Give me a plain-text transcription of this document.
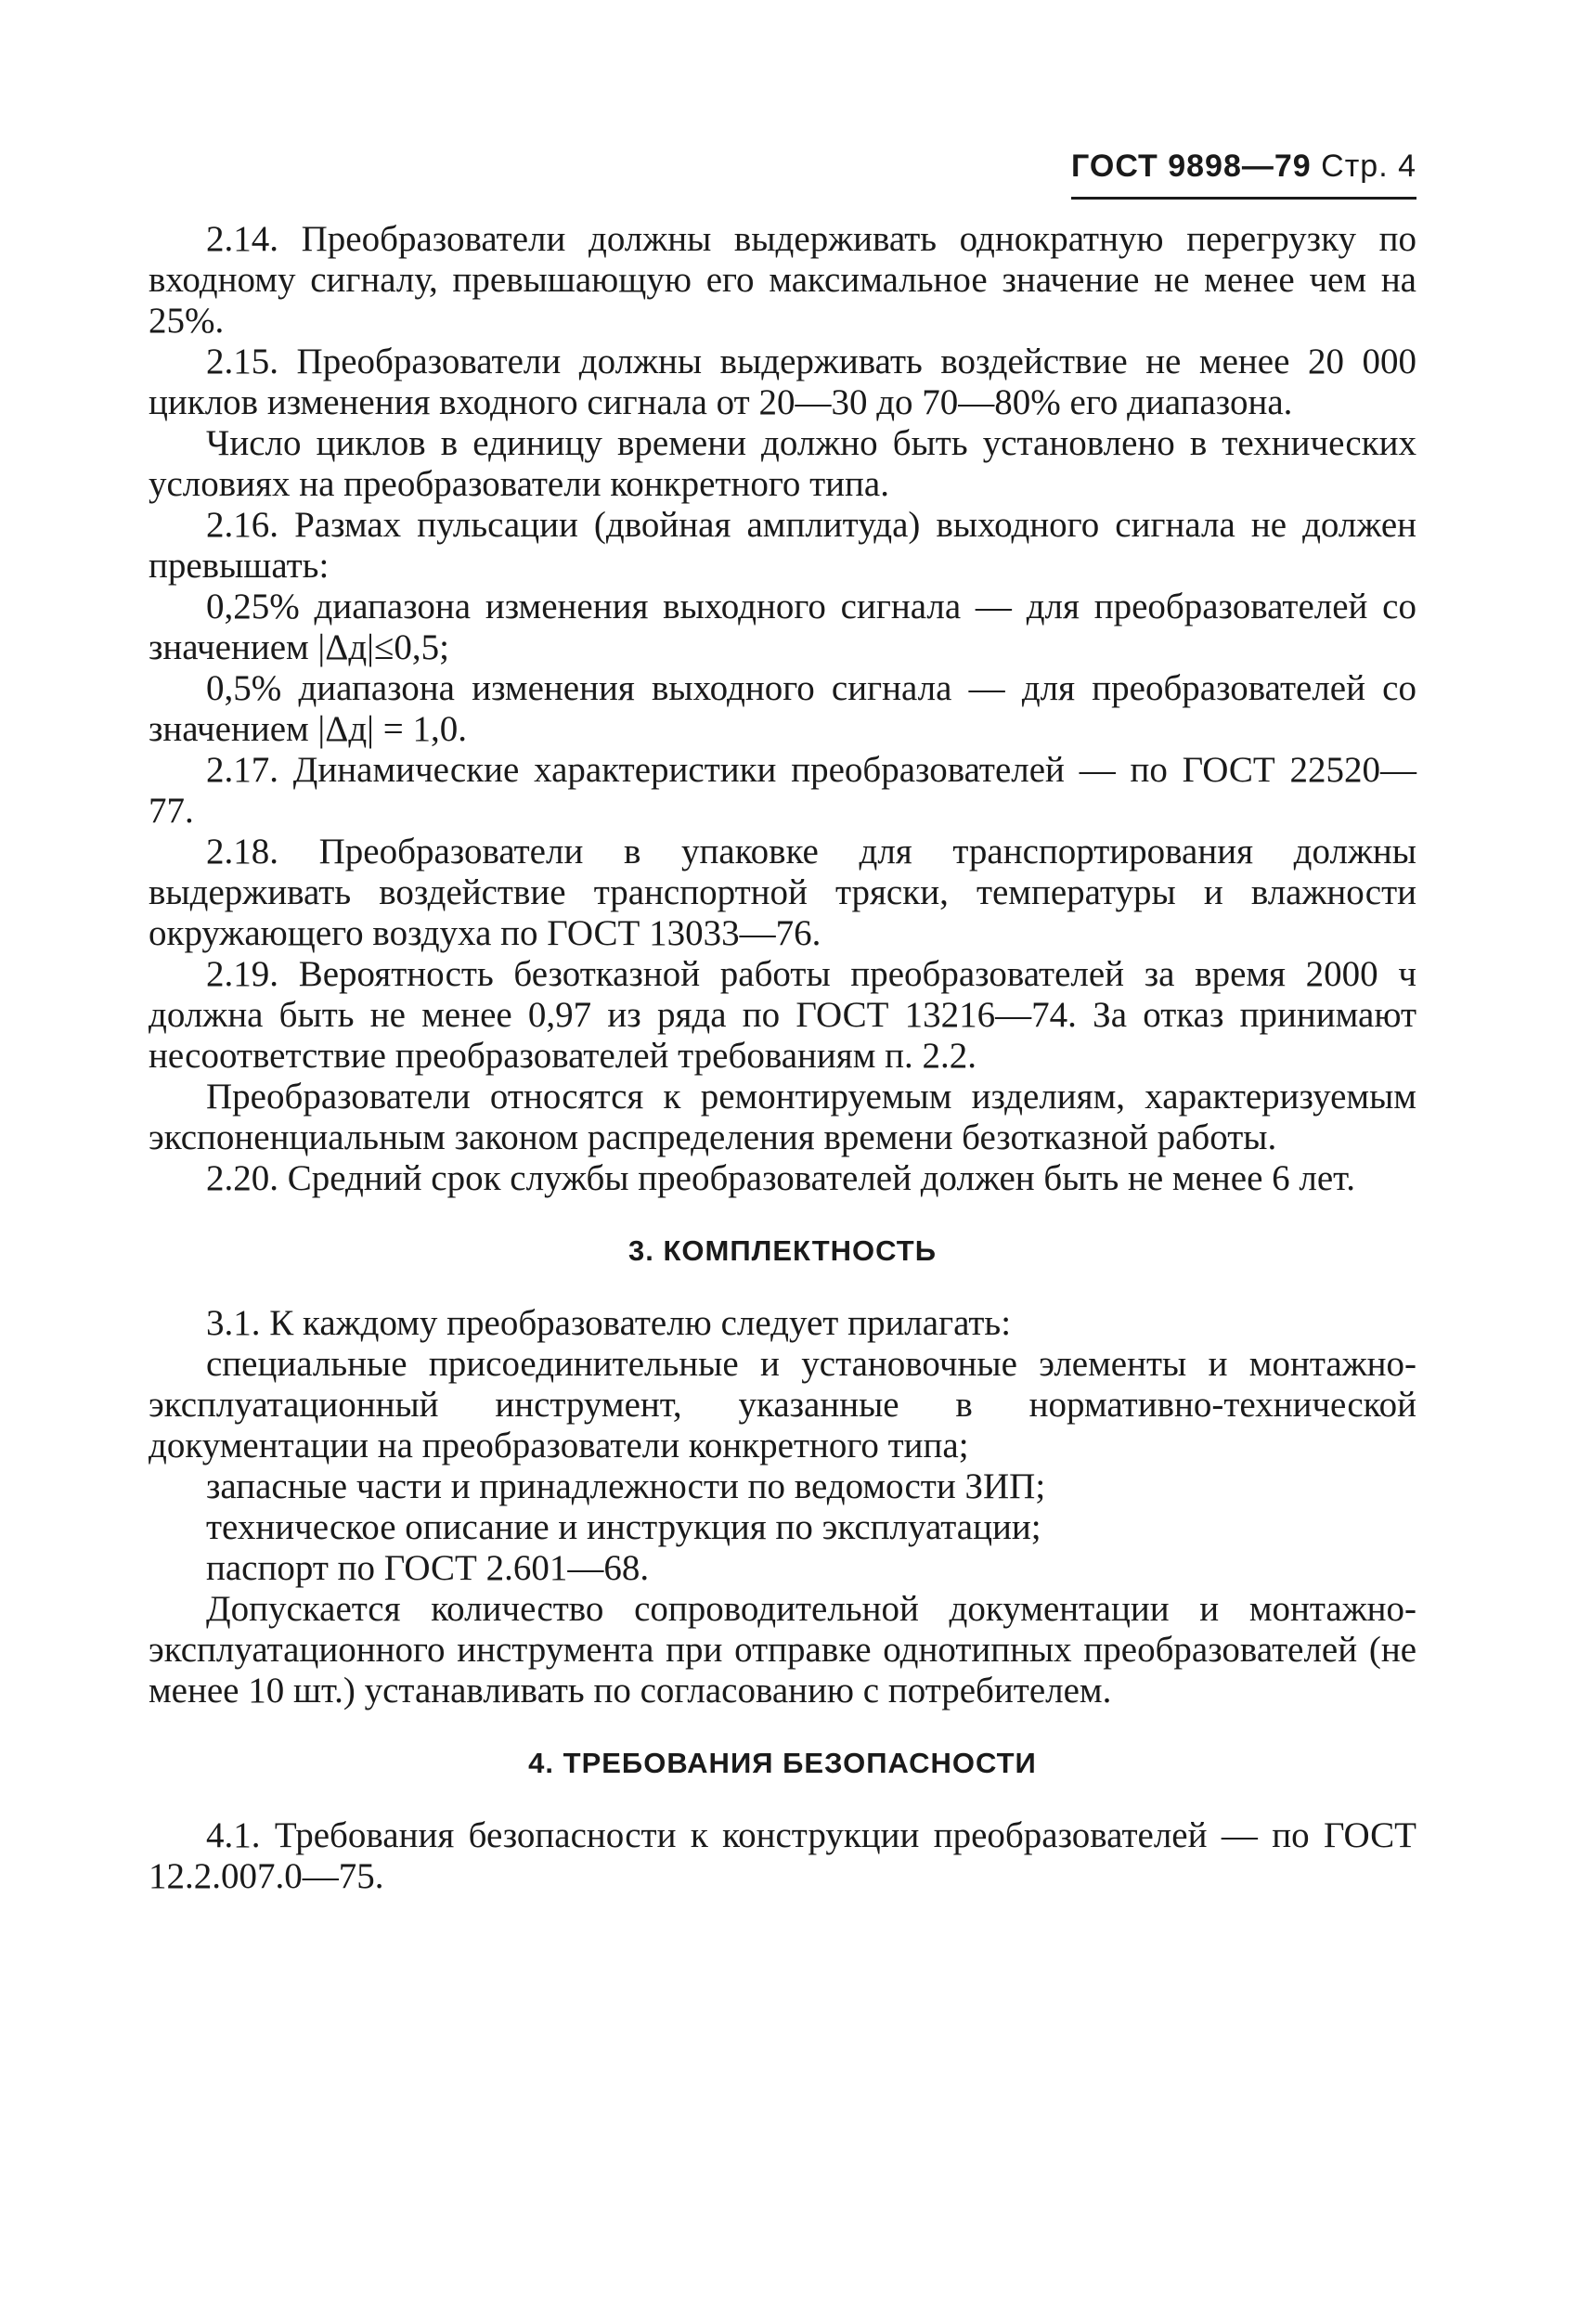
ГОСТ 9898—79 Стр. 4

2.14. Преобразователи должны выдерживать однократную перегрузку по входному сигналу, превышающую его максимальное значение не менее чем на 25%.

2.15. Преобразователи должны выдерживать воздействие не менее 20 000 циклов изменения входного сигнала от 20—30 до 70—80% его диапазона.

Число циклов в единицу времени должно быть установлено в технических условиях на преобразователи конкретного типа.

2.16. Размах пульсации (двойная амплитуда) выходного сигнала не должен превышать:

0,25% диапазона изменения выходного сигнала — для преобразователей со значением |Δд|≤0,5;

0,5% диапазона изменения выходного сигнала — для преобразователей со значением |Δд| = 1,0.

2.17. Динамические характеристики преобразователей — по ГОСТ 22520—77.

2.18. Преобразователи в упаковке для транспортирования должны выдерживать воздействие транспортной тряски, температуры и влажности окружающего воздуха по ГОСТ 13033—76.

2.19. Вероятность безотказной работы преобразователей за время 2000 ч должна быть не менее 0,97 из ряда по ГОСТ 13216—74. За отказ принимают несоответствие преобразователей требованиям п. 2.2.

Преобразователи относятся к ремонтируемым изделиям, характеризуемым экспоненциальным законом распределения времени безотказной работы.

2.20. Средний срок службы преобразователей должен быть не менее 6 лет.

3. КОМПЛЕКТНОСТЬ

3.1. К каждому преобразователю следует прилагать:

специальные присоединительные и установочные элементы и монтажно-эксплуатационный инструмент, указанные в нормативно-технической документации на преобразователи конкретного типа;

запасные части и принадлежности по ведомости ЗИП;

техническое описание и инструкция по эксплуатации;

паспорт по ГОСТ 2.601—68.

Допускается количество сопроводительной документации и монтажно-эксплуатационного инструмента при отправке однотипных преобразователей (не менее 10 шт.) устанавливать по согласованию с потребителем.

4. ТРЕБОВАНИЯ БЕЗОПАСНОСТИ

4.1. Требования безопасности к конструкции преобразователей — по ГОСТ 12.2.007.0—75.
